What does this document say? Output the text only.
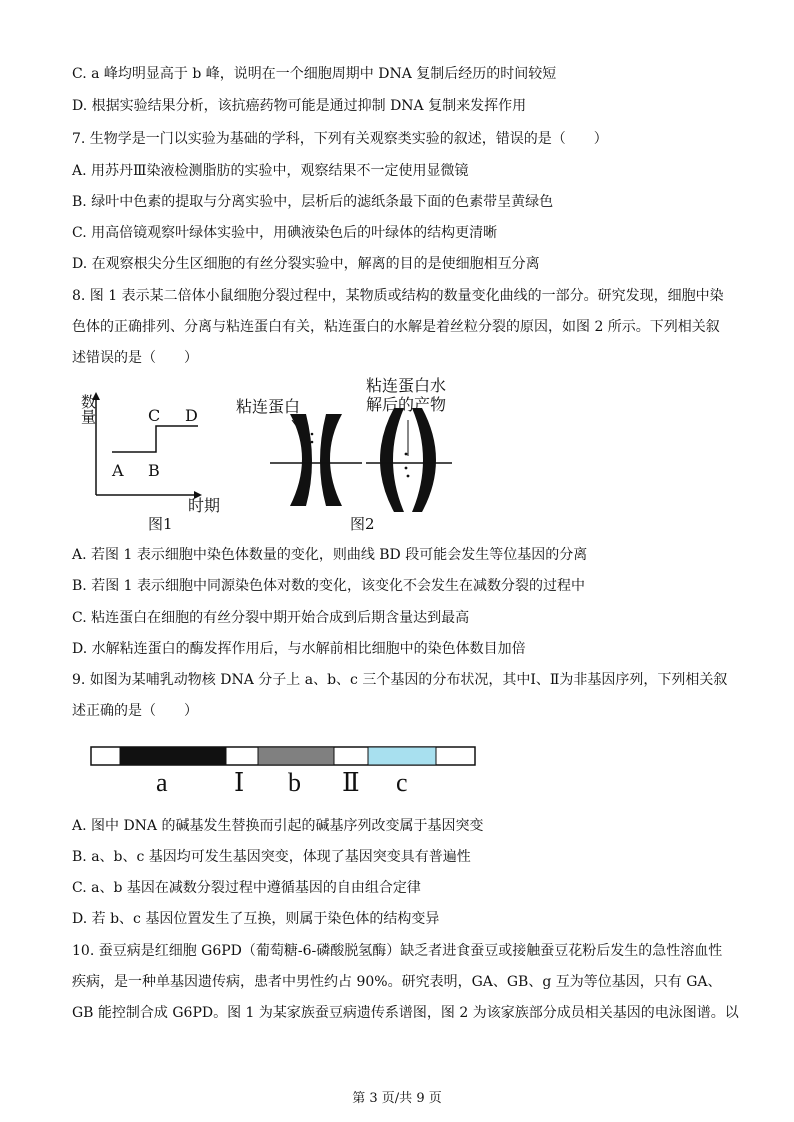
C. a 峰均明显高于 b 峰，说明在一个细胞周期中 DNA 复制后经历的时间较短
D. 根据实验结果分析，该抗癌药物可能是通过抑制 DNA 复制来发挥作用
7. 生物学是一门以实验为基础的学科，下列有关观察类实验的叙述，错误的是（　　）
A. 用苏丹Ⅲ染液检测脂肪的实验中，观察结果不一定使用显微镜
B. 绿叶中色素的提取与分离实验中，层析后的滤纸条最下面的色素带呈黄绿色
C. 用高倍镜观察叶绿体实验中，用碘液染色后的叶绿体的结构更清晰
D. 在观察根尖分生区细胞的有丝分裂实验中，解离的目的是使细胞相互分离
8. 图 1 表示某二倍体小鼠细胞分裂过程中，某物质或结构的数量变化曲线的一部分。研究发现，细胞中染
色体的正确排列、分离与粘连蛋白有关，粘连蛋白的水解是着丝粒分裂的原因，如图 2 所示。下列相关叙
述错误的是（　　）
数量
A B
C D
时期
图1
粘连蛋白
粘连蛋白水
解后的产物
图2
A. 若图 1 表示细胞中染色体数量的变化，则曲线 BD 段可能会发生等位基因的分离
B. 若图 1 表示细胞中同源染色体对数的变化，该变化不会发生在减数分裂的过程中
C. 粘连蛋白在细胞的有丝分裂中期开始合成到后期含量达到最高
D. 水解粘连蛋白的酶发挥作用后，与水解前相比细胞中的染色体数目加倍
9. 如图为某哺乳动物核 DNA 分子上 a、b、c 三个基因的分布状况，其中Ⅰ、Ⅱ为非基因序列，下列相关叙
述正确的是（　　）
a	Ⅰ b Ⅱ c
A. 图中 DNA 的碱基发生替换而引起的碱基序列改变属于基因突变
B. a、b、c 基因均可发生基因突变，体现了基因突变具有普遍性
C. a、b 基因在减数分裂过程中遵循基因的自由组合定律
D. 若 b、c 基因位置发生了互换，则属于染色体的结构变异
10. 蚕豆病是红细胞 G6PD（葡萄糖-6-磷酸脱氢酶）缺乏者进食蚕豆或接触蚕豆花粉后发生的急性溶血性
疾病，是一种单基因遗传病，患者中男性约占 90%。研究表明，GA、GB、g 互为等位基因，只有 GA、
GB 能控制合成 G6PD。图 1 为某家族蚕豆病遗传系谱图，图 2 为该家族部分成员相关基因的电泳图谱。以
第 3 页/共 9 页
